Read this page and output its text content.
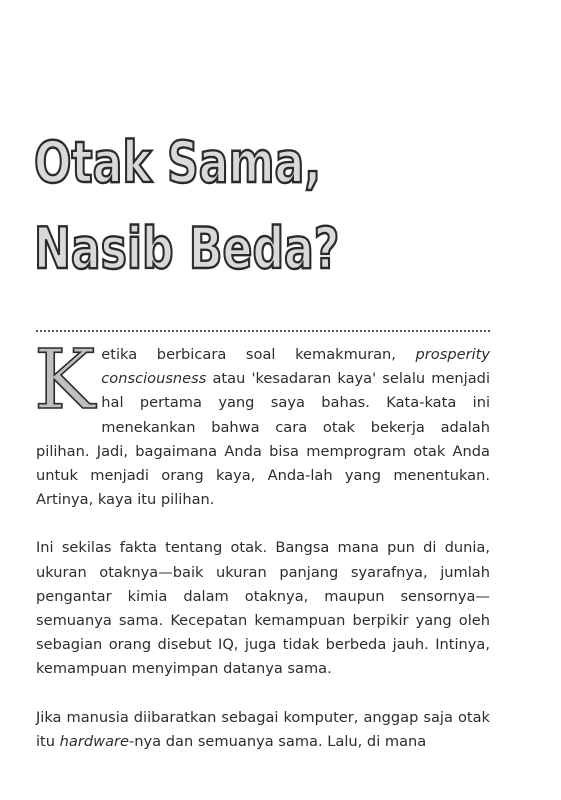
Otak Sama,
Nasib Beda?

Ketika berbicara soal kemakmuran, prosperity consciousness atau 'kesadaran kaya' selalu menjadi hal pertama yang saya bahas. Kata-kata ini menekankan bahwa cara otak bekerja adalah pilihan. Jadi, bagaimana Anda bisa memprogram otak Anda untuk menjadi orang kaya, Anda-lah yang menentukan. Artinya, kaya itu pilihan.

Ini sekilas fakta tentang otak. Bangsa mana pun di dunia, ukuran otaknya—baik ukuran panjang syarafnya, jumlah pengantar kimia dalam otaknya, maupun sensornya—semuanya sama. Kecepatan kemampuan berpikir yang oleh sebagian orang disebut IQ, juga tidak berbeda jauh. Intinya, kemampuan menyimpan datanya sama.

Jika manusia diibaratkan sebagai komputer, anggap saja otak itu hardware-nya dan semuanya sama. Lalu, di mana
